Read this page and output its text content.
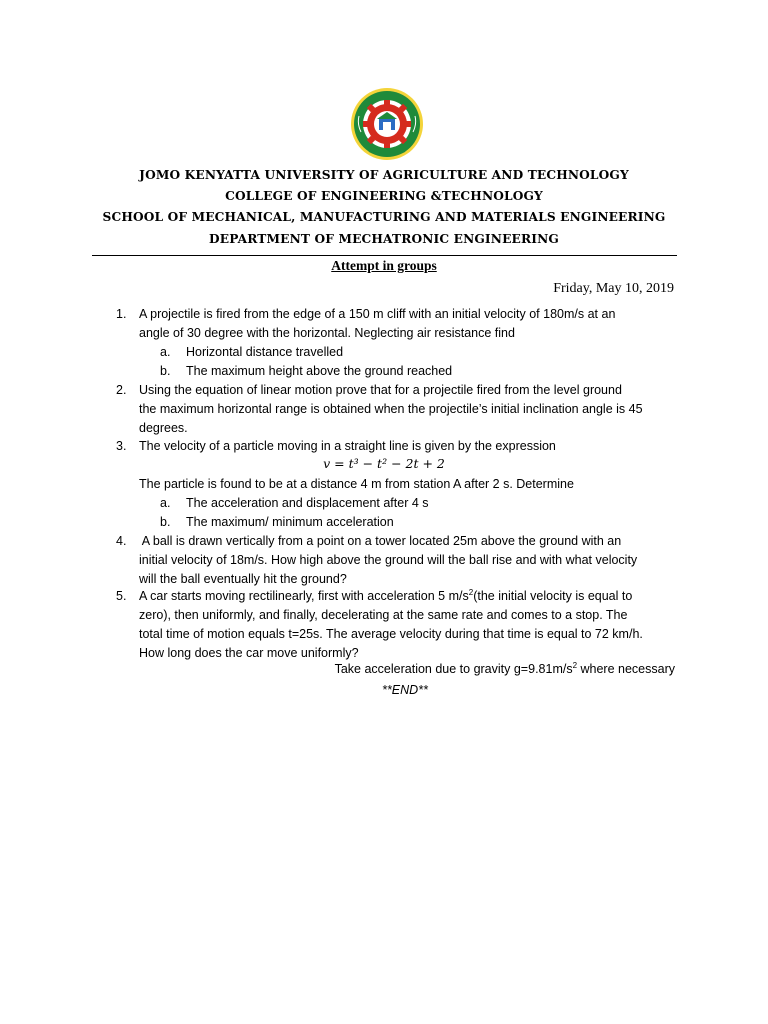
JOMO KENYATTA UNIVERSITY OF AGRICULTURE AND TECHNOLOGY
COLLEGE OF ENGINEERING &TECHNOLOGY
SCHOOL OF MECHANICAL, MANUFACTURING AND MATERIALS ENGINEERING
DEPARTMENT OF MECHATRONIC ENGINEERING
Attempt in groups
Friday, May 10, 2019
1.	A projectile is fired from the edge of a 150 m cliff with an initial velocity of 180m/s at an
angle of 30 degree with the horizontal. Neglecting air resistance find
a. Horizontal distance travelled
b. The maximum height above the ground reached
2.	Using the equation of linear motion prove that for a projectile fired from the level ground
the maximum horizontal range is obtained when the projectile’s initial inclination angle is 45
degrees.
3.	The velocity of a particle moving in a straight line is given by the expression
v = t³ − t² − 2t + 2
The particle is found to be at a distance 4 m from station A after 2 s. Determine
a. The acceleration and displacement after 4 s
b. The maximum/ minimum acceleration
4.	A ball is drawn vertically from a point on a tower located 25m above the ground with an
initial velocity of 18m/s. How high above the ground will the ball rise and with what velocity
will the ball eventually hit the ground?
5.	A car starts moving rectilinearly, first with acceleration 5 $m/s^2(the$ initial velocity is equal to
zero), then uniformly, and finally, decelerating at the same rate and comes to a stop. The
total time of motion equals t=25s. The average velocity during that time is equal to 72 km/h.
How long does the car move uniformly?
Take acceleration due to gravity $g=9.81m/s^2$ where necessary
**END**
